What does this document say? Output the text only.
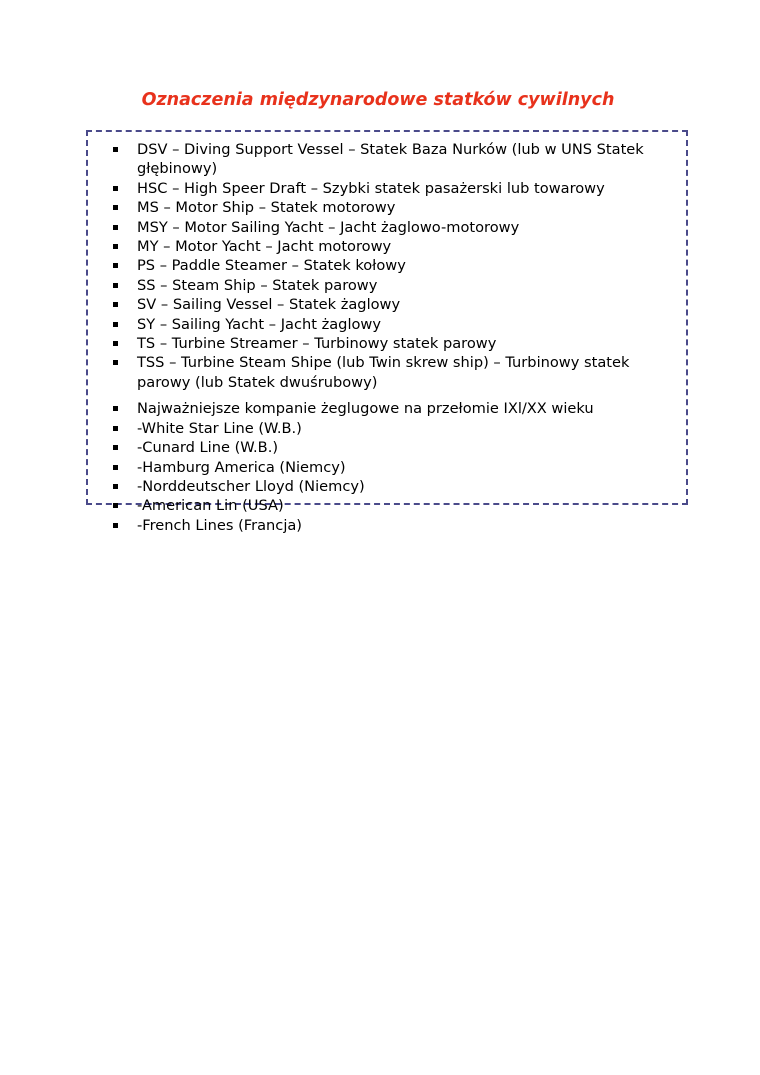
Oznaczenia międzynarodowe statków cywilnych
DSV – Diving Support Vessel – Statek Baza Nurków (lub w UNS Statek głębinowy)
HSC – High Speer Draft – Szybki statek pasażerski lub towarowy
MS – Motor Ship – Statek motorowy
MSY – Motor Sailing Yacht – Jacht żaglowo-motorowy
MY – Motor Yacht – Jacht motorowy
PS – Paddle Steamer – Statek kołowy
SS – Steam Ship – Statek parowy
SV – Sailing Vessel – Statek żaglowy
SY – Sailing Yacht – Jacht żaglowy
TS – Turbine Streamer – Turbinowy statek parowy
TSS – Turbine Steam Shipe (lub Twin skrew ship) – Turbinowy statek parowy (lub Statek dwuśrubowy)
Najważniejsze kompanie żeglugowe na przełomie IXl/XX wieku
-White Star Line (W.B.)
-Cunard Line (W.B.)
-Hamburg America (Niemcy)
-Norddeutscher Lloyd (Niemcy)
-American Lin (USA)
-French Lines (Francja)
